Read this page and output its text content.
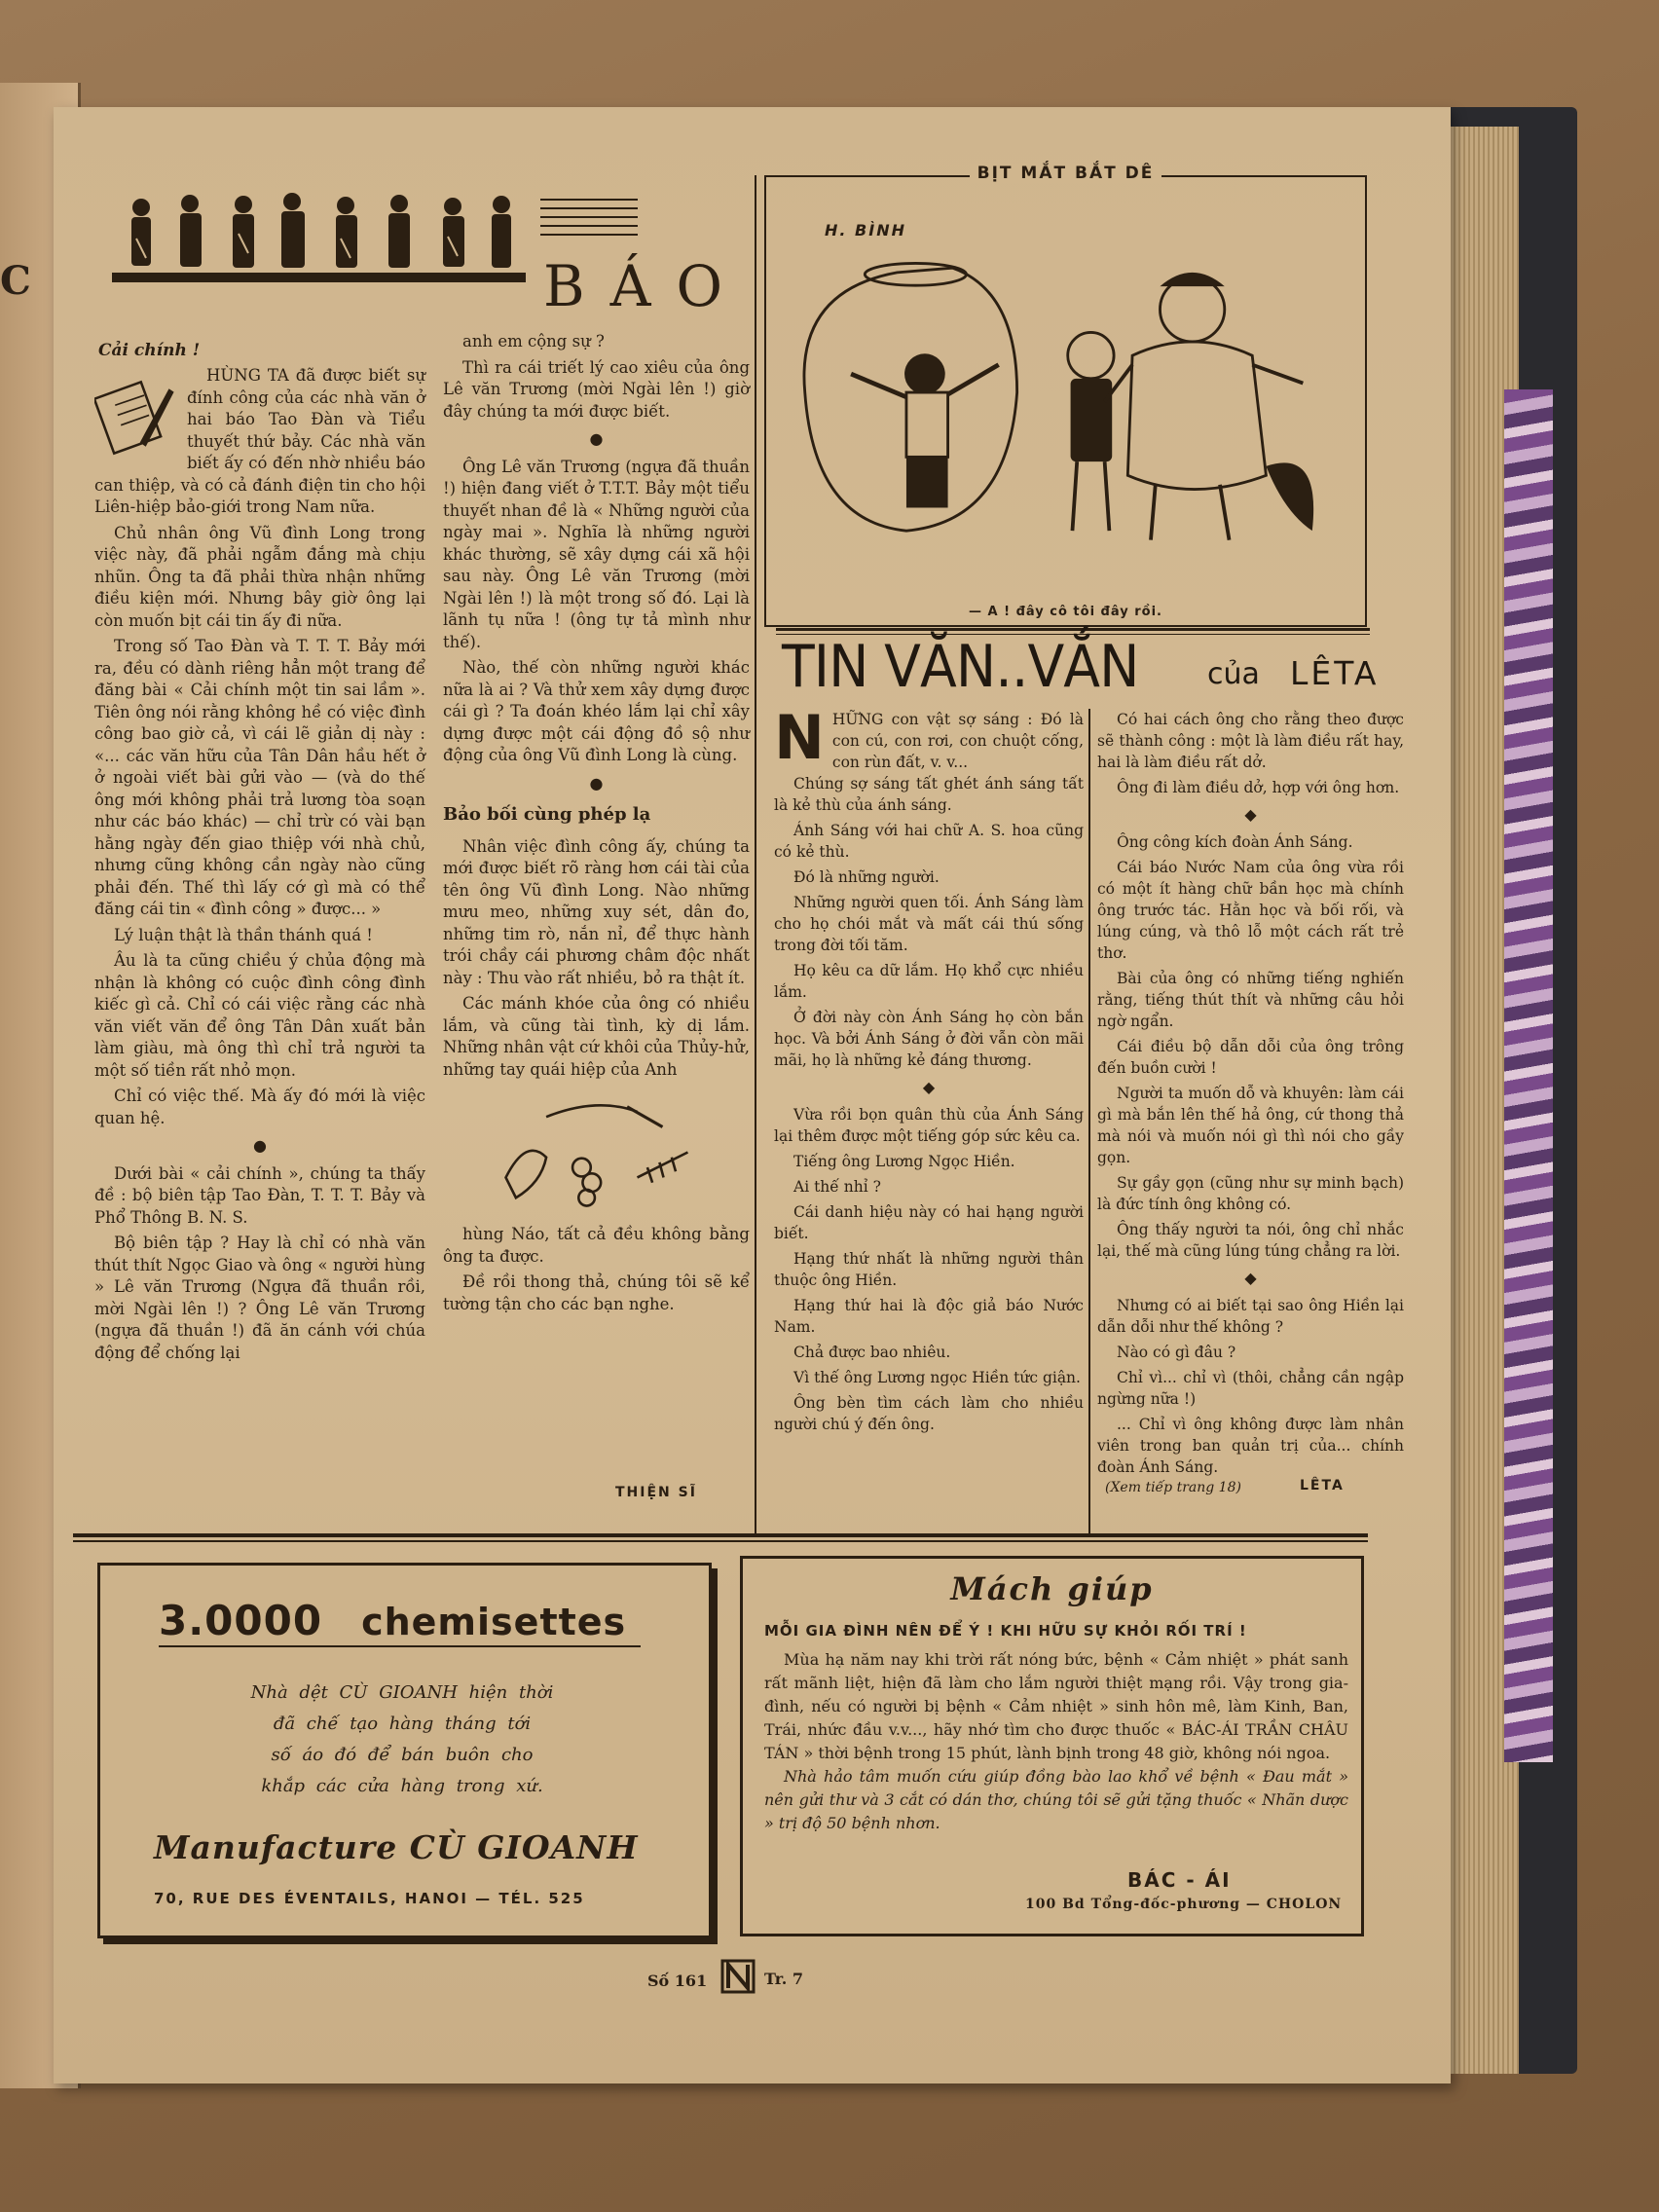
C	BÁO
Cải chính !

HÙNG TA đã được biết sự đính công của các nhà văn ở hai báo Tao Đàn và Tiểu thuyết thứ bảy. Các nhà văn biết ấy có đến nhờ nhiều báo can thiệp, và có cả đánh điện tin cho hội Liên-hiệp bảo-giới trong Nam nữa.

Chủ nhân ông Vũ đình Long trong việc này, đã phải ngẫm đắng mà chịu nhũn. Ông ta đã phải thừa nhận những điều kiện mới. Nhưng bây giờ ông lại còn muốn bịt cái tin ấy đi nữa.

Trong số Tao Đàn và T. T. T. Bảy mới ra, đều có dành riêng hẳn một trang để đăng bài « Cải chính một tin sai lầm ». Tiên ông nói rằng không hề có việc đình công bao giờ cả, vì cái lẽ giản dị này : «... các văn hữu của Tân Dân hầu hết ở ở ngoài viết bài gửi vào — (và do thế ông mới không phải trả lương tòa soạn như các báo khác) — chỉ trừ có vài bạn hằng ngày đến giao thiệp với nhà chủ, nhưng cũng không cần ngày nào cũng phải đến. Thế thì lấy cớ gì mà có thể đăng cái tin « đình công » được... »

Lý luận thật là thần thánh quá !

Âu là ta cũng chiều ý chủa động mà nhận là không có cuộc đình công đình kiếc gì cả. Chỉ có cái việc rằng các nhà văn viết văn để ông Tân Dân xuất bản làm giàu, mà ông thì chỉ trả người ta một số tiền rất nhỏ mọn.

Chỉ có việc thế. Mà ấy đó mới là việc quan hệ.

●

Dưới bài « cải chính », chúng ta thấy đề : bộ biên tập Tao Đàn, T. T. T. Bảy và Phổ Thông B. N. S.

Bộ biên tập ? Hay là chỉ có nhà văn thút thít Ngọc Giao và ông « người hùng » Lê văn Trương (Ngựa đã thuần rồi, mời Ngài lên !) ? Ông Lê văn Trương (ngựa đã thuần !) đã ăn cánh với chúa động để chống lại

anh em cộng sự ?

Thì ra cái triết lý cao xiêu của ông Lê văn Trương (mời Ngài lên !) giờ đây chúng ta mới được biết.

●

Ông Lê văn Trương (ngựa đã thuần !) hiện đang viết ở T.T.T. Bảy một tiểu thuyết nhan đề là « Những người của ngày mai ». Nghĩa là những người khác thường, sẽ xây dựng cái xã hội sau này. Ông Lê văn Trương (mời Ngài lên !) là một trong số đó. Lại là lãnh tụ nữa ! (ông tự tả mình như thế).

Nào, thế còn những người khác nữa là ai ? Và thử xem xây dựng được cái gì ? Ta đoán khéo lắm lại chỉ xây dựng được một cái động đồ sộ như động của ông Vũ đình Long là cùng.

●
Bảo bối cùng phép lạ

Nhân việc đình công ấy, chúng ta mới được biết rõ ràng hơn cái tài của tên ông Vũ đình Long. Nào những mưu meo, những xuy sét, dân đo, những tim rò, nắn nỉ, để thực hành trói chầy cái phương châm độc nhất này : Thu vào rất nhiều, bỏ ra thật ít.

Các mánh khóe của ông có nhiều lắm, và cũng tài tình, kỳ dị lắm. Những nhân vật cứ khôi của Thủy-hử, những tay quái hiệp của Anh

hùng Náo, tất cả đều không bằng ông ta được.

Đề rồi thong thả, chúng tôi sẽ kể tường tận cho các bạn nghe.

THIỆN SĨ
BỊT MẮT BẮT DÊ
H. BÌNH
— A ! đây cô tôi đây rồi.
TIN VĂN..VẮN của LÊTA
N HỮNG con vật sợ sáng : Đó là con cú, con rơi, con chuột cống, con rùn đất, v. v...

Chúng sợ sáng tất ghét ánh sáng tất là kẻ thù của ánh sáng.

Ánh Sáng với hai chữ A. S. hoa cũng có kẻ thù.

Đó là những người.

Những người quen tối. Ánh Sáng làm cho họ chói mắt và mất cái thú sống trong đời tối tăm.

Họ kêu ca dữ lắm. Họ khổ cực nhiều lắm.

Ở đời này còn Ánh Sáng họ còn bắn học. Và bởi Ánh Sáng ở đời vẫn còn mãi mãi, họ là những kẻ đáng thương.

◆

Vừa rồi bọn quân thù của Ánh Sáng lại thêm được một tiếng góp sức kêu ca.

Tiếng ông Lương Ngọc Hiền.

Ai thế nhỉ ?

Cái danh hiệu này có hai hạng người biết.

Hạng thứ nhất là những người thân thuộc ông Hiền.

Hạng thứ hai là độc giả báo Nước Nam.

Chả được bao nhiêu.

Vì thế ông Lương ngọc Hiền tức giận.

Ông bèn tìm cách làm cho nhiều người chú ý đến ông.

Có hai cách ông cho rằng theo được sẽ thành công : một là làm điều rất hay, hai là làm điều rất dở.

Ông đi làm điều dở, hợp với ông hơn.

◆

Ông công kích đoàn Ánh Sáng.

Cái báo Nước Nam của ông vừa rồi có một ít hàng chữ bần học mà chính ông trước tác. Hằn học và bối rối, và lúng cúng, và thô lỗ một cách rất trẻ thơ.

Bài của ông có những tiếng nghiến rằng, tiếng thút thít và những câu hỏi ngờ ngẩn.

Cái điều bộ dẫn dỗi của ông trông đến buồn cười !

Người ta muốn dỗ và khuyên: làm cái gì mà bắn lên thế hả ông, cứ thong thả mà nói và muốn nói gì thì nói cho gầy gọn.

Sự gầy gọn (cũng như sự minh bạch) là đức tính ông không có.

Ông thấy người ta nói, ông chỉ nhắc lại, thế mà cũng lúng túng chẳng ra lời.

◆

Nhưng có ai biết tại sao ông Hiền lại dẫn dỗi như thế không ?

Nào có gì đâu ?

Chỉ vì... chỉ vì (thôi, chẳng cần ngập ngừng nữa !)

... Chỉ vì ông không được làm nhân viên trong ban quản trị của... chính đoàn Ánh Sáng.

(Xem tiếp trang 18)	LÊTA
3.0000 chemisettes
Nhà dệt CÙ GIOANH hiện thời
đã chế tạo hàng tháng tới
số áo đó để bán buôn cho
khắp các cửa hàng trong xứ.
Manufacture CÙ GIOANH
70, RUE DES ÉVENTAILS, HANOI — TÉL. 525
Mách giúp
MỖI GIA ĐÌNH NÊN ĐỂ Ý ! KHI HỮU SỰ KHỎI RỐI TRÍ !

Mùa hạ năm nay khi trời rất nóng bức, bệnh « Cảm nhiệt » phát sanh rất mãnh liệt, hiện đã làm cho lắm người thiệt mạng rồi. Vậy trong gia-đình, nếu có người bị bệnh « Cảm nhiệt » sinh hôn mê, làm Kinh, Ban, Trái, nhức đầu v.v..., hãy nhớ tìm cho được thuốc « BÁC-ÁI TRẦN CHÂU TÁN » thời bệnh trong 15 phút, lành bịnh trong 48 giờ, không nói ngoa.

Nhà hảo tâm muốn cứu giúp đồng bào lao khổ về bệnh « Đau mắt » nên gửi thư và 3 cắt có dán thơ, chúng tôi sẽ gửi tặng thuốc « Nhãn dược » trị độ 50 bệnh nhơn.

BÁC - ÁI
100 Bd Tổng-đốc-phương — CHOLON
Số 161	Tr. 7
